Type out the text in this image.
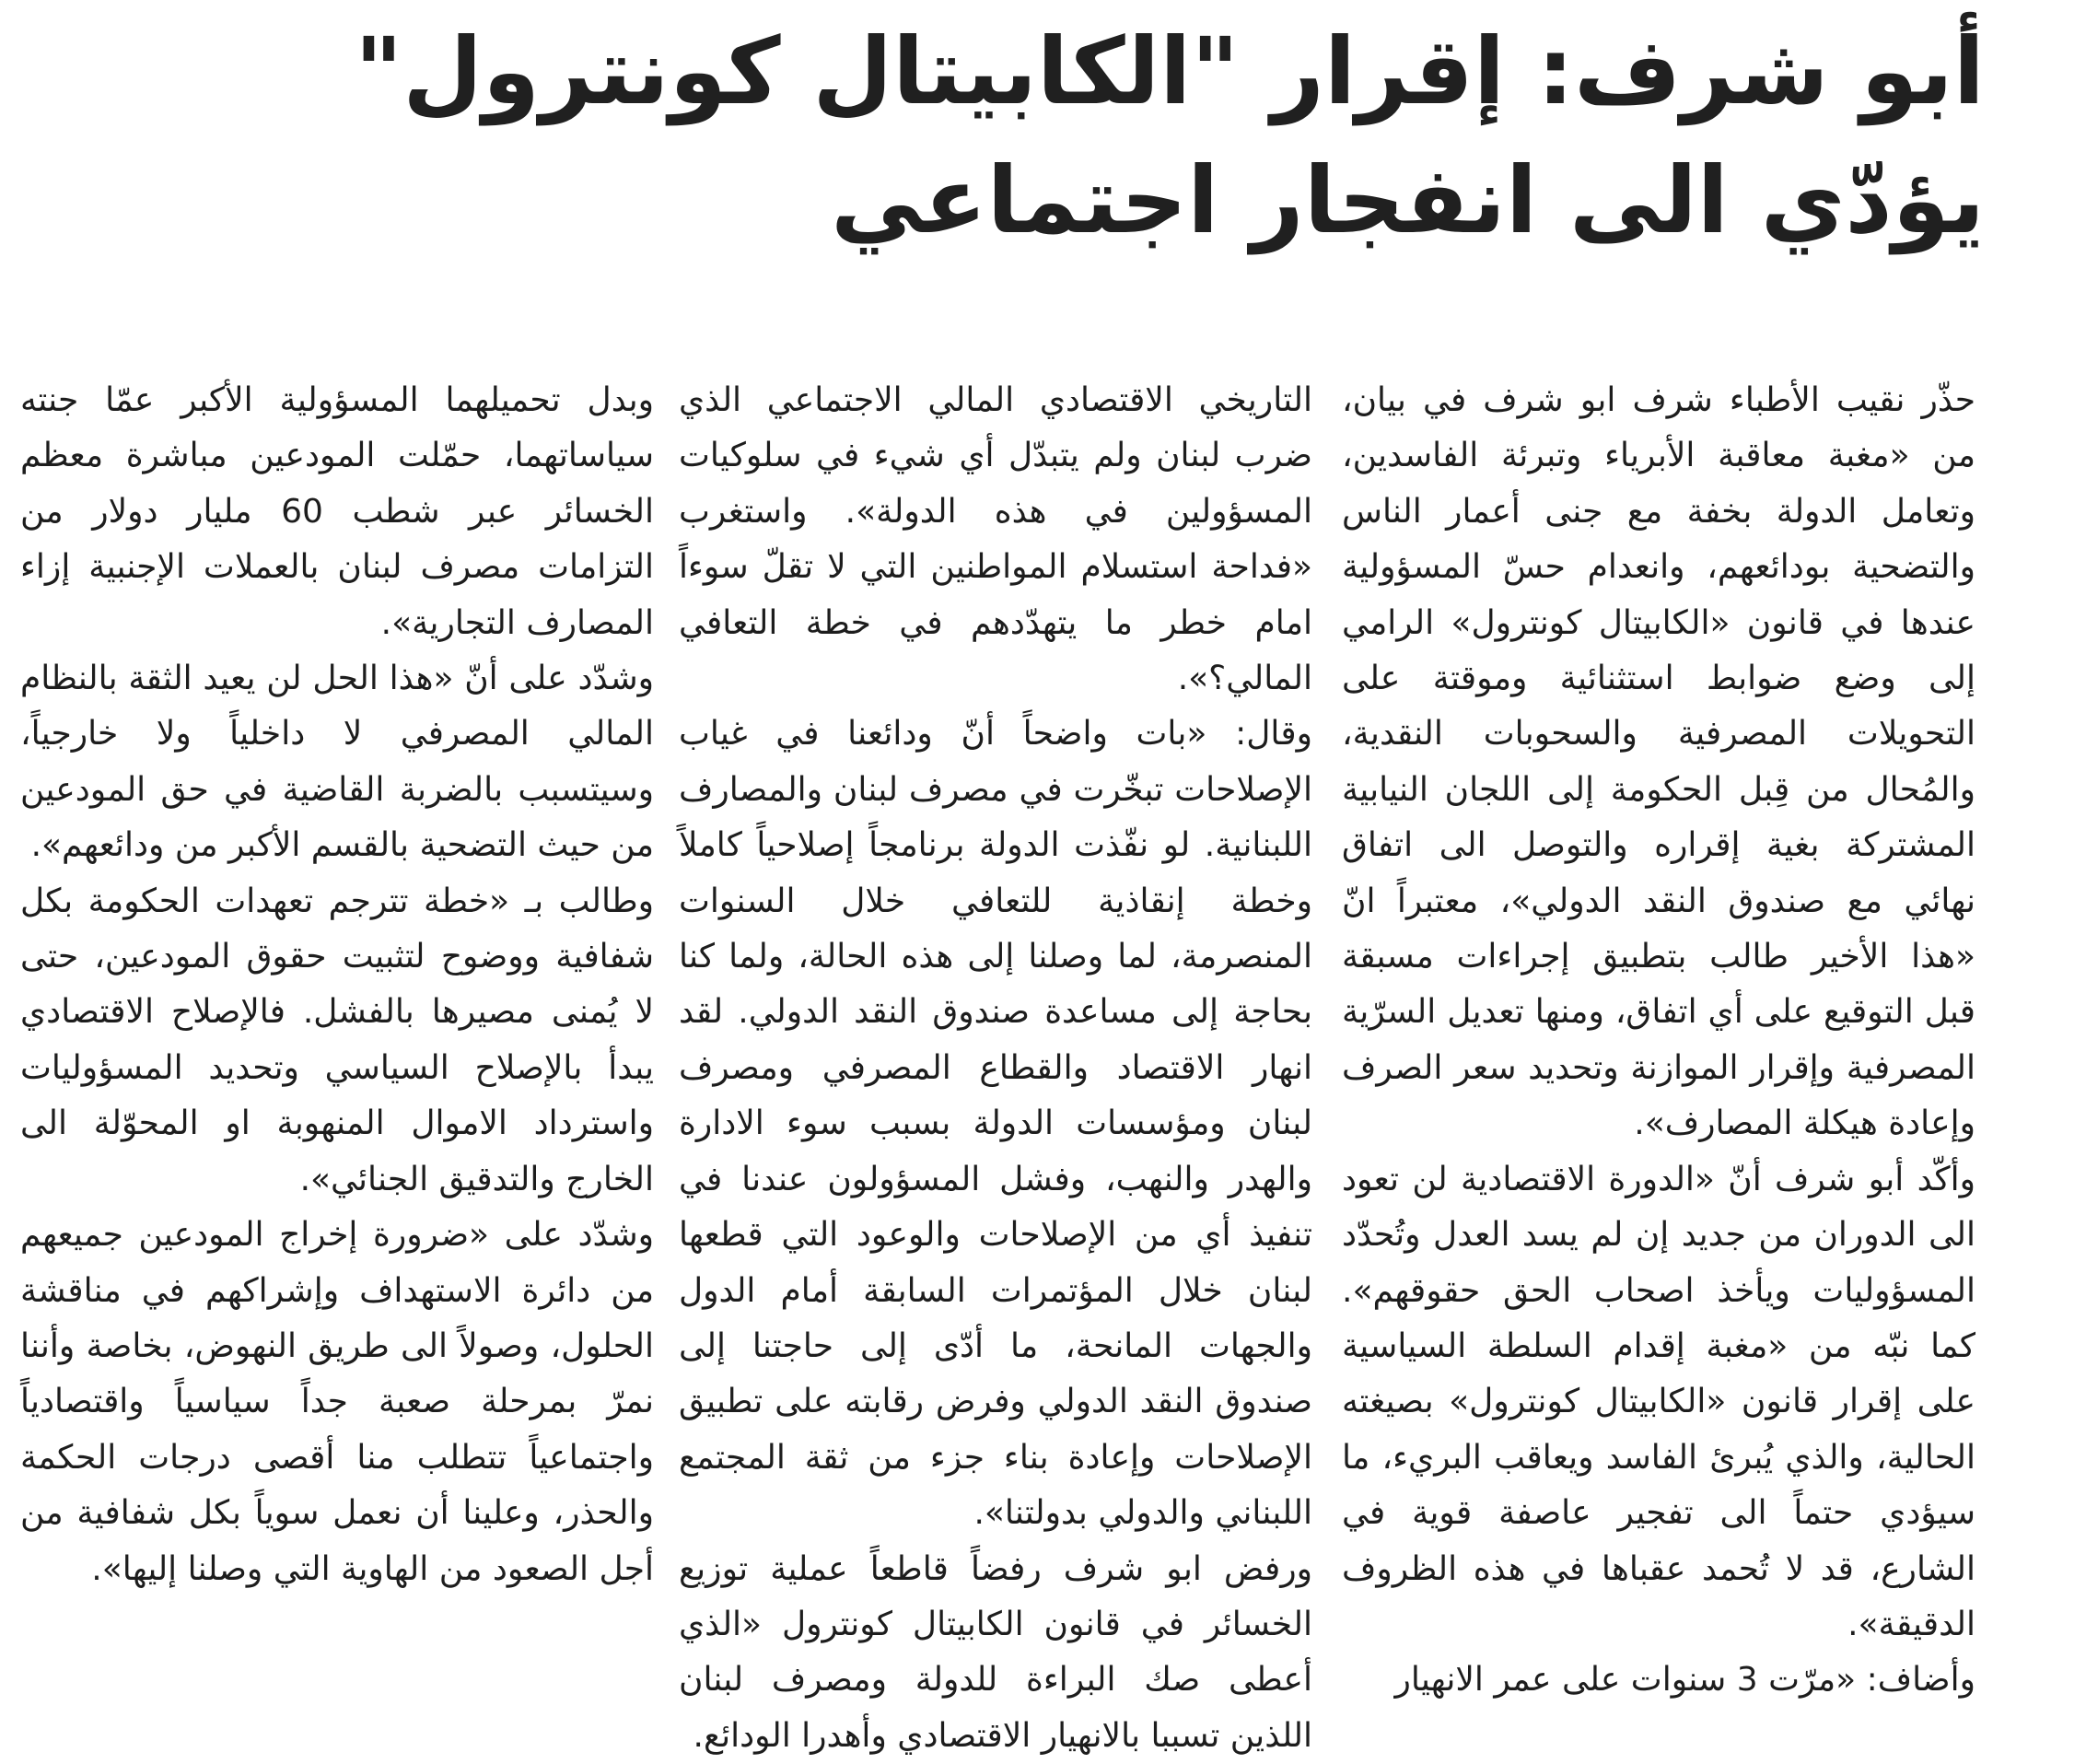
أبو شرف: إقرار "الكابيتال كونترول"
يؤدّي الى انفجار اجتماعي

حذّر نقيب الأطباء شرف ابو شرف في بيان، من «مغبة معاقبة الأبرياء وتبرئة الفاسدين، وتعامل الدولة بخفة مع جنى أعمار الناس والتضحية بودائعهم، وانعدام حسّ المسؤولية عندها في قانون «الكابيتال كونترول» الرامي إلى وضع ضوابط استثنائية وموقتة على التحويلات المصرفية والسحوبات النقدية، والمُحال من قِبل الحكومة إلى اللجان النيابية المشتركة بغية إقراره والتوصل الى اتفاق نهائي مع صندوق النقد الدولي»، معتبراً انّ «هذا الأخير طالب بتطبيق إجراءات مسبقة قبل التوقيع على أي اتفاق، ومنها تعديل السرّية المصرفية وإقرار الموازنة وتحديد سعر الصرف وإعادة هيكلة المصارف».

وأكّد أبو شرف أنّ «الدورة الاقتصادية لن تعود الى الدوران من جديد إن لم يسد العدل وتُحدّد المسؤوليات ويأخذ اصحاب الحق حقوقهم». كما نبّه من «مغبة إقدام السلطة السياسية على إقرار قانون «الكابيتال كونترول» بصيغته الحالية، والذي يُبرئ الفاسد ويعاقب البريء، ما سيؤدي حتماً الى تفجير عاصفة قوية في الشارع، قد لا تُحمد عقباها في هذه الظروف الدقيقة».

وأضاف: «مرّت 3 سنوات على عمر الانهيار

التاريخي الاقتصادي المالي الاجتماعي الذي ضرب لبنان ولم يتبدّل أي شيء في سلوكيات المسؤولين في هذه الدولة». واستغرب «فداحة استسلام المواطنين التي لا تقلّ سوءاً امام خطر ما يتهدّدهم في خطة التعافي المالي؟».

وقال: «بات واضحاً أنّ ودائعنا في غياب الإصلاحات تبخّرت في مصرف لبنان والمصارف اللبنانية. لو نفّذت الدولة برنامجاً إصلاحياً كاملاً وخطة إنقاذية للتعافي خلال السنوات المنصرمة، لما وصلنا إلى هذه الحالة، ولما كنا بحاجة إلى مساعدة صندوق النقد الدولي. لقد انهار الاقتصاد والقطاع المصرفي ومصرف لبنان ومؤسسات الدولة بسبب سوء الادارة والهدر والنهب، وفشل المسؤولون عندنا في تنفيذ أي من الإصلاحات والوعود التي قطعها لبنان خلال المؤتمرات السابقة أمام الدول والجهات المانحة، ما أدّى إلى حاجتنا إلى صندوق النقد الدولي وفرض رقابته على تطبيق الإصلاحات وإعادة بناء جزء من ثقة المجتمع اللبناني والدولي بدولتنا».

ورفض ابو شرف رفضاً قاطعاً عملية توزيع الخسائر في قانون الكابيتال كونترول «الذي أعطى صك البراءة للدولة ومصرف لبنان اللذين تسببا بالانهيار الاقتصادي وأهدرا الودائع.

وبدل تحميلهما المسؤولية الأكبر عمّا جنته سياساتهما، حمّلت المودعين مباشرة معظم الخسائر عبر شطب 60 مليار دولار من التزامات مصرف لبنان بالعملات الإجنبية إزاء المصارف التجارية».

وشدّد على أنّ «هذا الحل لن يعيد الثقة بالنظام المالي المصرفي لا داخلياً ولا خارجياً، وسيتسبب بالضربة القاضية في حق المودعين من حيث التضحية بالقسم الأكبر من ودائعهم».

وطالب بـ «خطة تترجم تعهدات الحكومة بكل شفافية ووضوح لتثبيت حقوق المودعين، حتى لا يُمنى مصيرها بالفشل. فالإصلاح الاقتصادي يبدأ بالإصلاح السياسي وتحديد المسؤوليات واسترداد الاموال المنهوبة او المحوّلة الى الخارج والتدقيق الجنائي».

وشدّد على «ضرورة إخراج المودعين جميعهم من دائرة الاستهداف وإشراكهم في مناقشة الحلول، وصولاً الى طريق النهوض، بخاصة وأننا نمرّ بمرحلة صعبة جداً سياسياً واقتصادياً واجتماعياً تتطلب منا أقصى درجات الحكمة والحذر، وعلينا أن نعمل سوياً بكل شفافية من أجل الصعود من الهاوية التي وصلنا إليها».
